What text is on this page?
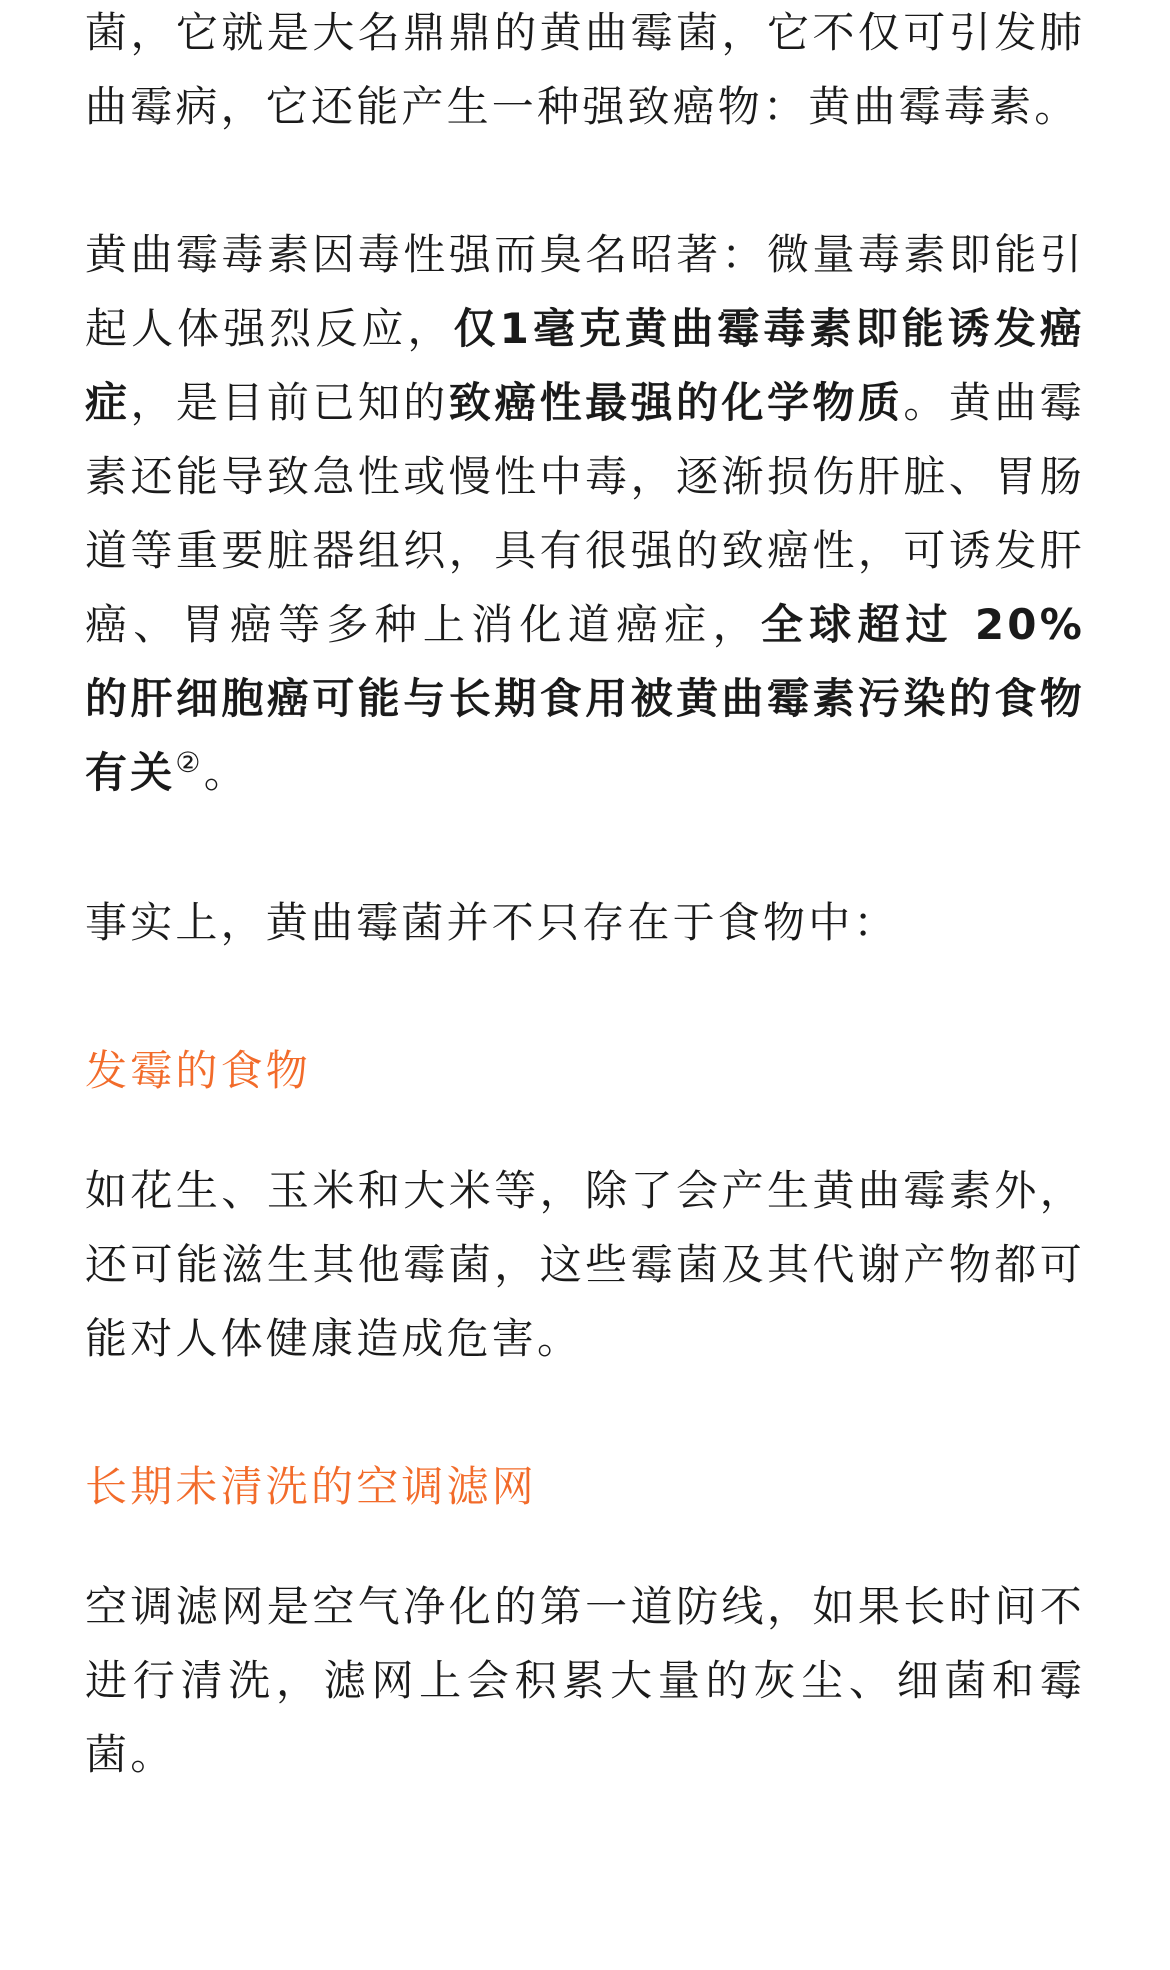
菌，它就是大名鼎鼎的黄曲霉菌，它不仅可引发肺曲霉病，它还能产生一种强致癌物：黄曲霉毒素。

黄曲霉毒素因毒性强而臭名昭著：微量毒素即能引起人体强烈反应，仅1毫克黄曲霉毒素即能诱发癌症，是目前已知的致癌性最强的化学物质。黄曲霉素还能导致急性或慢性中毒，逐渐损伤肝脏、胃肠道等重要脏器组织，具有很强的致癌性，可诱发肝癌、胃癌等多种上消化道癌症，全球超过 20% 的肝细胞癌可能与长期食用被黄曲霉素污染的食物有关②。

事实上，黄曲霉菌并不只存在于食物中：

发霉的食物

如花生、玉米和大米等，除了会产生黄曲霉素外，还可能滋生其他霉菌，这些霉菌及其代谢产物都可能对人体健康造成危害。

长期未清洗的空调滤网

空调滤网是空气净化的第一道防线，如果长时间不进行清洗，滤网上会积累大量的灰尘、细菌和霉菌。
